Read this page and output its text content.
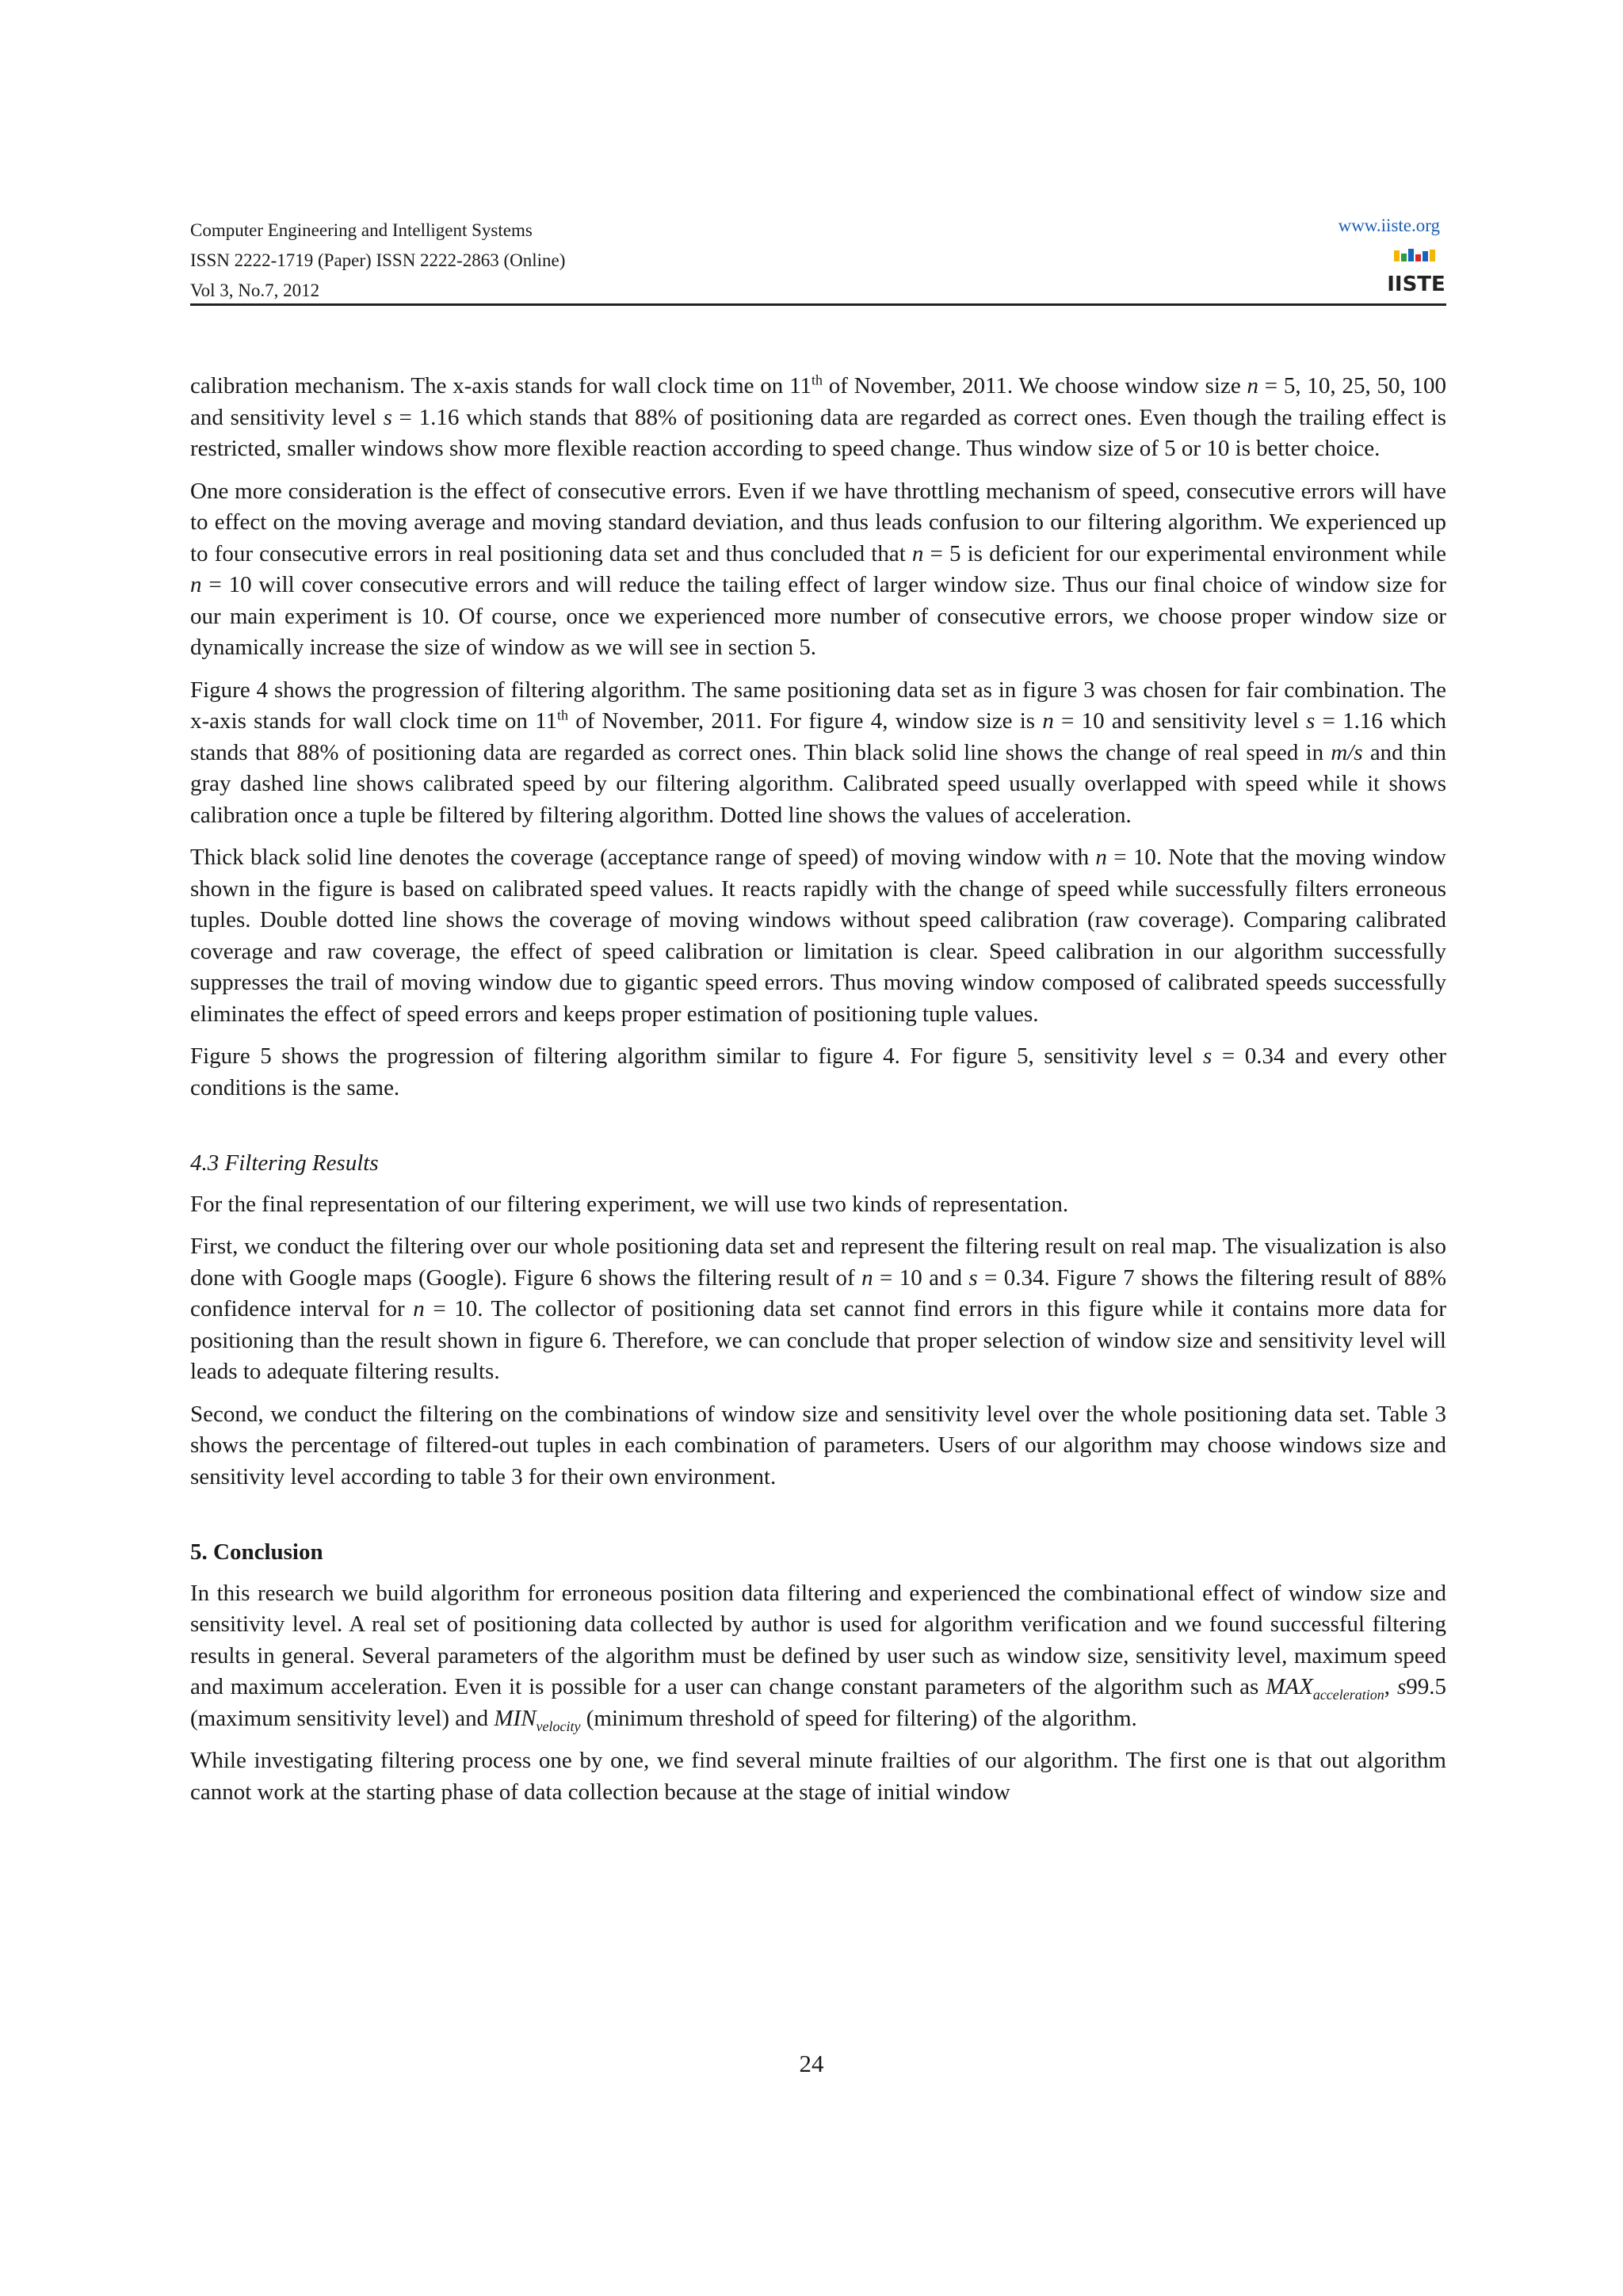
Computer Engineering and Intelligent Systems
ISSN 2222-1719 (Paper) ISSN 2222-2863 (Online)
Vol 3, No.7, 2012
www.iiste.org
IISTE

calibration mechanism. The x-axis stands for wall clock time on 11th of November, 2011. We choose window size n = 5, 10, 25, 50, 100 and sensitivity level s = 1.16 which stands that 88% of positioning data are regarded as correct ones. Even though the trailing effect is restricted, smaller windows show more flexible reaction according to speed change. Thus window size of 5 or 10 is better choice.

One more consideration is the effect of consecutive errors. Even if we have throttling mechanism of speed, consecutive errors will have to effect on the moving average and moving standard deviation, and thus leads confusion to our filtering algorithm. We experienced up to four consecutive errors in real positioning data set and thus concluded that n = 5 is deficient for our experimental environment while n = 10 will cover consecutive errors and will reduce the tailing effect of larger window size. Thus our final choice of window size for our main experiment is 10. Of course, once we experienced more number of consecutive errors, we choose proper window size or dynamically increase the size of window as we will see in section 5.

Figure 4 shows the progression of filtering algorithm. The same positioning data set as in figure 3 was chosen for fair combination. The x-axis stands for wall clock time on 11th of November, 2011. For figure 4, window size is n = 10 and sensitivity level s = 1.16 which stands that 88% of positioning data are regarded as correct ones. Thin black solid line shows the change of real speed in m/s and thin gray dashed line shows calibrated speed by our filtering algorithm. Calibrated speed usually overlapped with speed while it shows calibration once a tuple be filtered by filtering algorithm. Dotted line shows the values of acceleration.

Thick black solid line denotes the coverage (acceptance range of speed) of moving window with n = 10. Note that the moving window shown in the figure is based on calibrated speed values. It reacts rapidly with the change of speed while successfully filters erroneous tuples. Double dotted line shows the coverage of moving windows without speed calibration (raw coverage). Comparing calibrated coverage and raw coverage, the effect of speed calibration or limitation is clear. Speed calibration in our algorithm successfully suppresses the trail of moving window due to gigantic speed errors. Thus moving window composed of calibrated speeds successfully eliminates the effect of speed errors and keeps proper estimation of positioning tuple values.

Figure 5 shows the progression of filtering algorithm similar to figure 4. For figure 5, sensitivity level s = 0.34 and every other conditions is the same.

4.3 Filtering Results

For the final representation of our filtering experiment, we will use two kinds of representation.

First, we conduct the filtering over our whole positioning data set and represent the filtering result on real map. The visualization is also done with Google maps (Google). Figure 6 shows the filtering result of n = 10 and s = 0.34. Figure 7 shows the filtering result of 88% confidence interval for n = 10. The collector of positioning data set cannot find errors in this figure while it contains more data for positioning than the result shown in figure 6. Therefore, we can conclude that proper selection of window size and sensitivity level will leads to adequate filtering results.

Second, we conduct the filtering on the combinations of window size and sensitivity level over the whole positioning data set. Table 3 shows the percentage of filtered-out tuples in each combination of parameters. Users of our algorithm may choose windows size and sensitivity level according to table 3 for their own environment.

5. Conclusion

In this research we build algorithm for erroneous position data filtering and experienced the combinational effect of window size and sensitivity level. A real set of positioning data collected by author is used for algorithm verification and we found successful filtering results in general. Several parameters of the algorithm must be defined by user such as window size, sensitivity level, maximum speed and maximum acceleration. Even it is possible for a user can change constant parameters of the algorithm such as $MAX_{acceleration}$, s99.5 (maximum sensitivity level) and $MIN_{velocity}$ (minimum threshold of speed for filtering) of the algorithm.

While investigating filtering process one by one, we find several minute frailties of our algorithm. The first one is that out algorithm cannot work at the starting phase of data collection because at the stage of initial window

24
